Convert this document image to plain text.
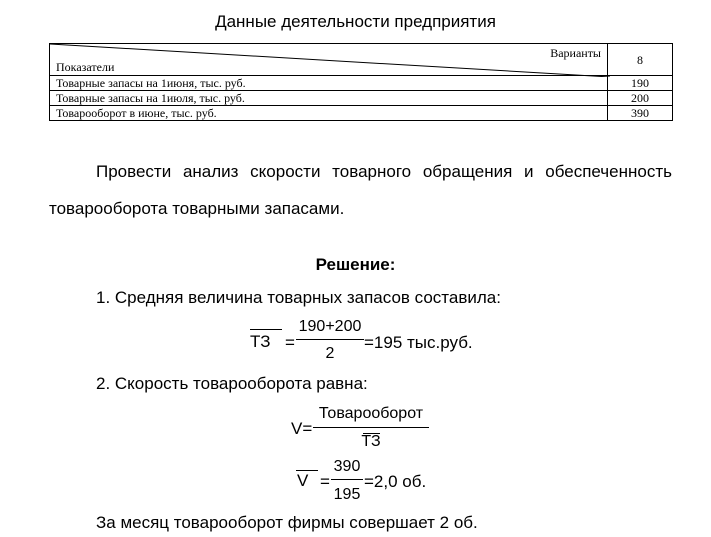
Данные деятельности предприятия
Варианты
Показатели	8
Товарные запасы на 1июня, тыс. руб.	190
Товарные запасы на 1июля, тыс. руб.	200
Товарооборот в июне, тыс. руб.	390
Провести анализ скорости товарного обращения и обеспеченность
товарооборота товарными запасами.
Решение:
1. Средняя величина товарных запасов составила:
ТЗ =
190+200
2
=195 тыс.руб.
2. Скорость товарооборота равна:
V=
Товарооборот
ТЗ
V =
390
195
=2,0 об.
За месяц товарооборот фирмы совершает 2 об.
